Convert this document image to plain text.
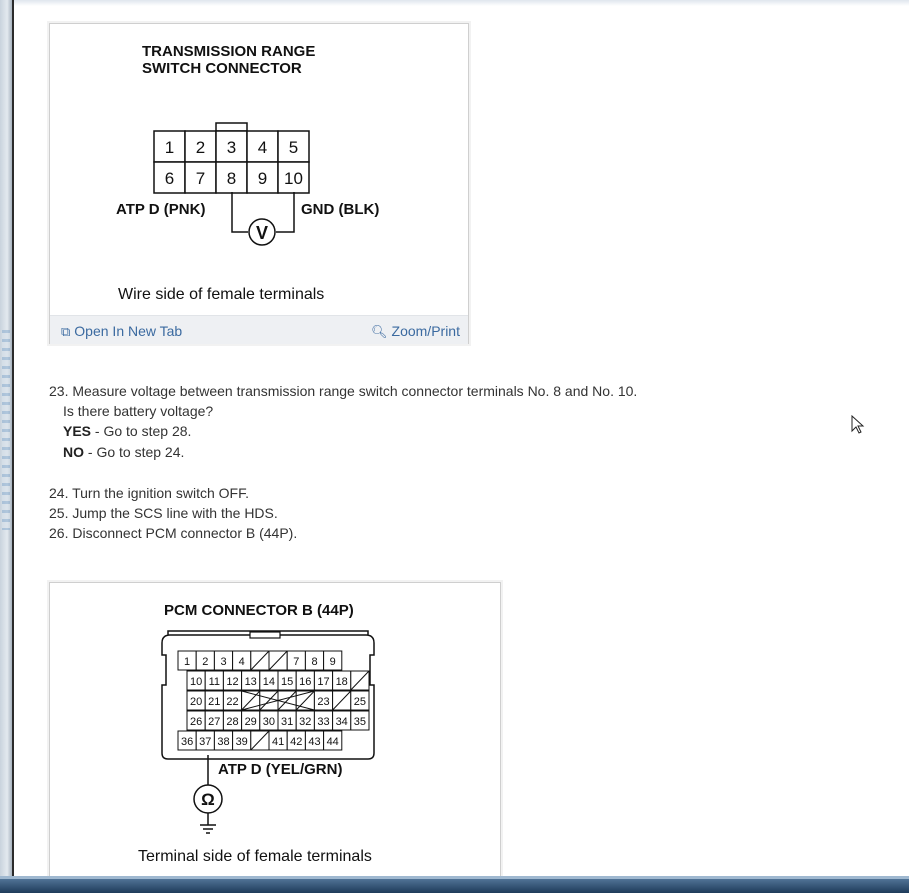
TRANSMISSION RANGE
SWITCH CONNECTOR
1 2 3 4 5
6 7 8 9 10
V
ATP D (PNK)	GND (BLK)
Wire side of female terminals
⧉ Open In New Tab	🔍︎ Zoom/Print
23. Measure voltage between transmission range switch connector terminals No. 8 and No. 10.
Is there battery voltage?
YES - Go to step 28.
NO - Go to step 24.
24. Turn the ignition switch OFF.
25. Jump the SCS line with the HDS.
26. Disconnect PCM connector B (44P).
PCM CONNECTOR B (44P)
1 2 3 4	7 8 9
10 11 12 13 14 15 16 17 18
20 21 22	23 25
26 27 28 29 30 31 32 33 34 35
36 37 38 39 41 42 43 44
Ω
ATP D (YEL/GRN)
Terminal side of female terminals
